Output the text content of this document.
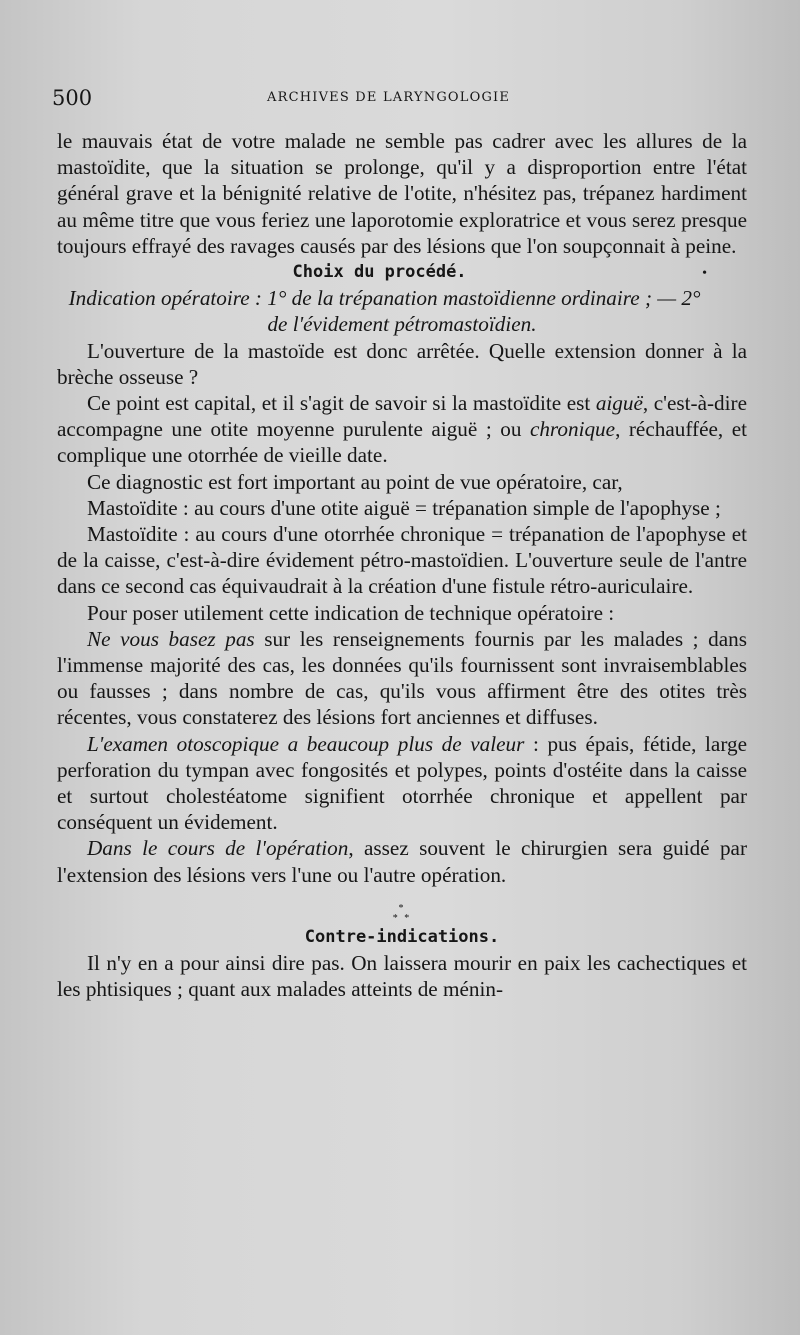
500	ARCHIVES DE LARYNGOLOGIE

le mauvais état de votre malade ne semble pas cadrer avec les allures de la mastoïdite, que la situation se prolonge, qu'il y a disproportion entre l'état général grave et la bénignité relative de l'otite, n'hésitez pas, trépanez hardiment au même titre que vous feriez une laporotomie exploratrice et vous serez presque toujours effrayé des ravages causés par des lésions que l'on soupçonnait à peine.
•

Choix du procédé.

Indication opératoire : 1° de la trépanation mastoïdienne ordinaire ; — 2° de l'évidement pétromastoïdien.

L'ouverture de la mastoïde est donc arrêtée. Quelle extension donner à la brèche osseuse ?

Ce point est capital, et il s'agit de savoir si la mastoïdite est aiguë, c'est-à-dire accompagne une otite moyenne purulente aiguë ; ou chronique, réchauffée, et complique une otorrhée de vieille date.

Ce diagnostic est fort important au point de vue opératoire, car,

Mastoïdite : au cours d'une otite aiguë = trépanation simple de l'apophyse ;

Mastoïdite : au cours d'une otorrhée chronique = trépanation de l'apophyse et de la caisse, c'est-à-dire évidement pétro-mastoïdien. L'ouverture seule de l'antre dans ce second cas équivaudrait à la création d'une fistule rétro-auriculaire.

Pour poser utilement cette indication de technique opératoire :

Ne vous basez pas sur les renseignements fournis par les malades ; dans l'immense majorité des cas, les données qu'ils fournissent sont invraisemblables ou fausses ; dans nombre de cas, qu'ils vous affirment être des otites très récentes, vous constaterez des lésions fort anciennes et diffuses.

L'examen otoscopique a beaucoup plus de valeur : pus épais, fétide, large perforation du tympan avec fongosités et polypes, points d'ostéite dans la caisse et surtout cholestéatome signifient otorrhée chronique et appellent par conséquent un évidement.

Dans le cours de l'opération, assez souvent le chirurgien sera guidé par l'extension des lésions vers l'une ou l'autre opération.

*
* *

Contre-indications.

Il n'y en a pour ainsi dire pas. On laissera mourir en paix les cachectiques et les phtisiques ; quant aux malades atteints de ménin-
